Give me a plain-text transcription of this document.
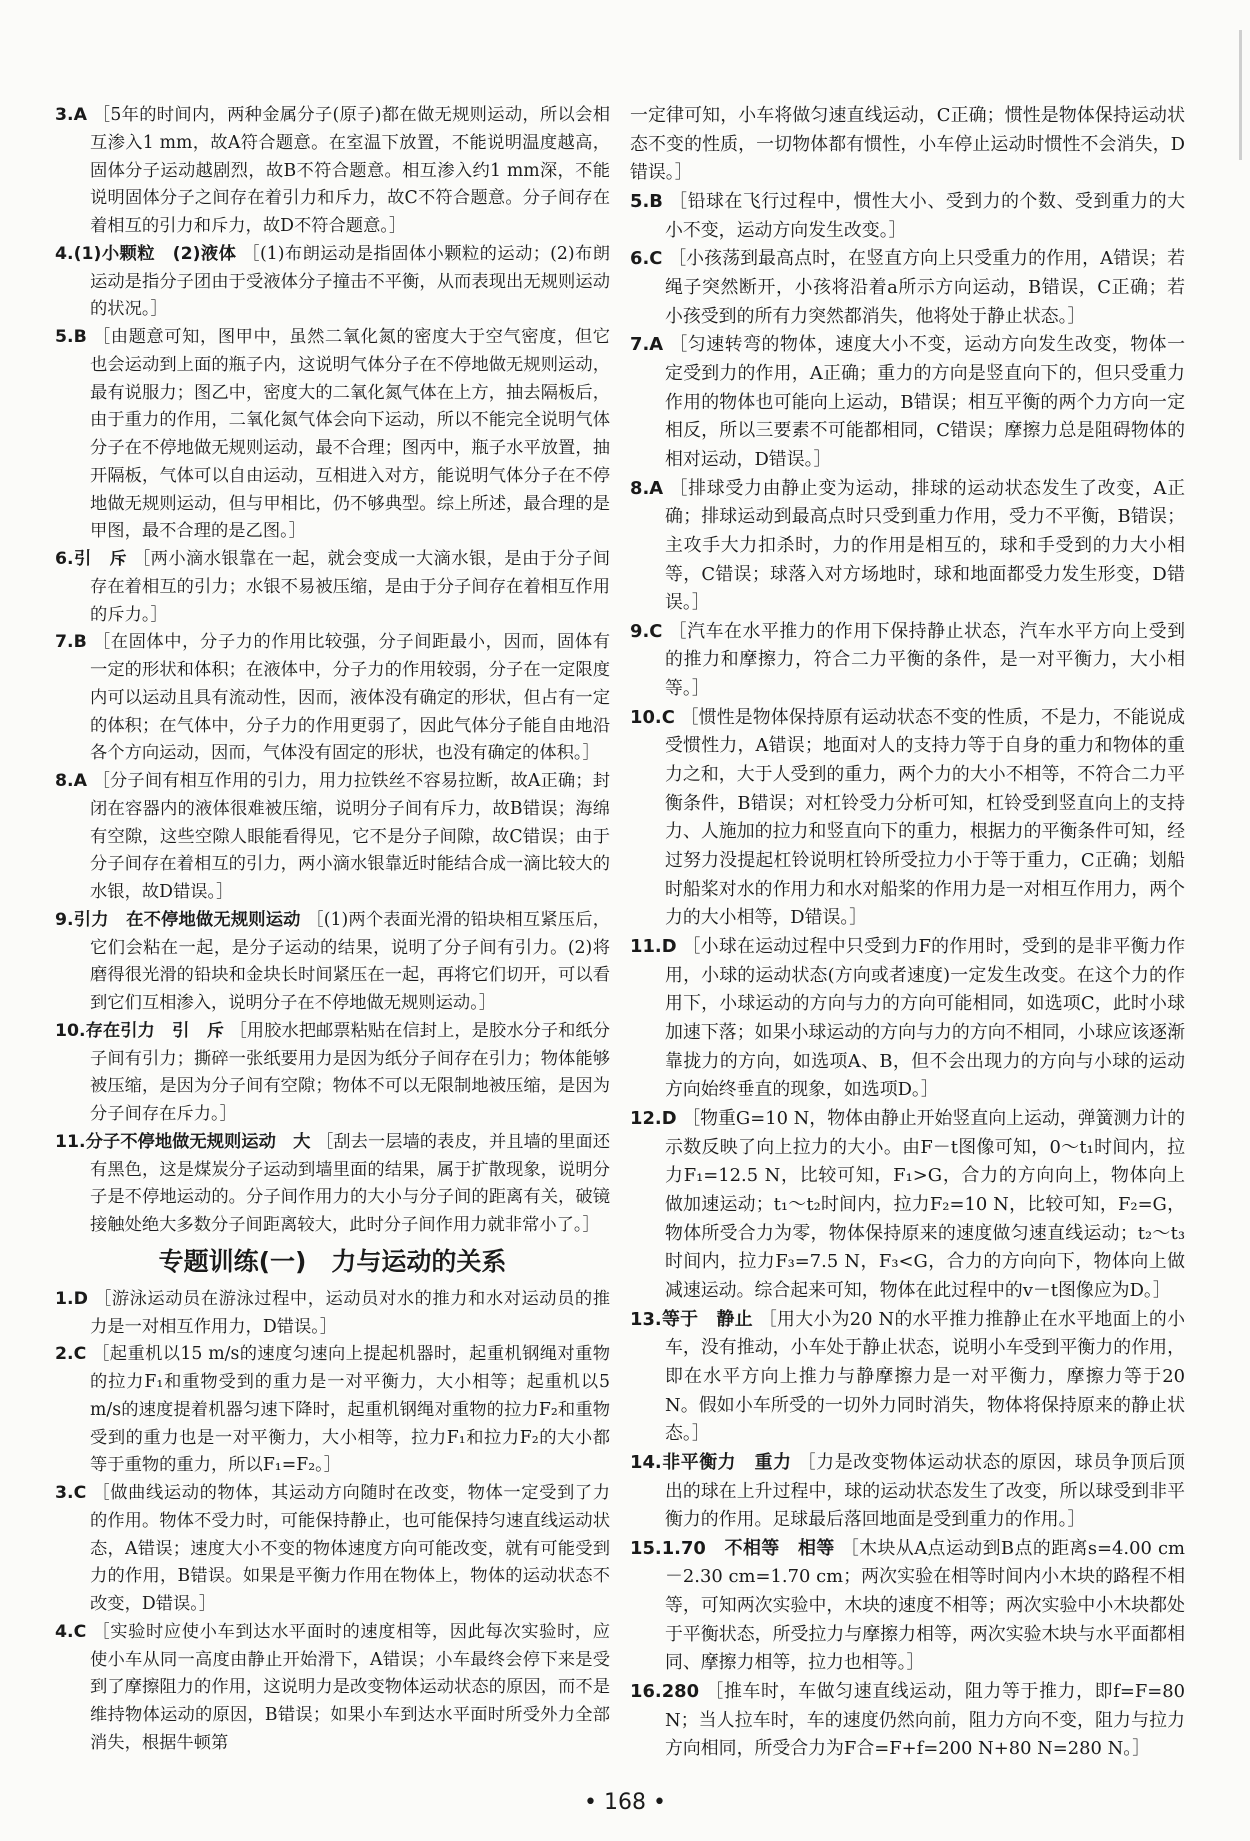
3.A ［5年的时间内，两种金属分子(原子)都在做无规则运动，所以会相互渗入1 mm，故A符合题意。在室温下放置，不能说明温度越高，固体分子运动越剧烈，故B不符合题意。相互渗入约1 mm深，不能说明固体分子之间存在着引力和斥力，故C不符合题意。分子间存在着相互的引力和斥力，故D不符合题意。］

4.(1)小颗粒　(2)液体 ［(1)布朗运动是指固体小颗粒的运动；(2)布朗运动是指分子团由于受液体分子撞击不平衡，从而表现出无规则运动的状况。］

5.B ［由题意可知，图甲中，虽然二氧化氮的密度大于空气密度，但它也会运动到上面的瓶子内，这说明气体分子在不停地做无规则运动，最有说服力；图乙中，密度大的二氧化氮气体在上方，抽去隔板后，由于重力的作用，二氧化氮气体会向下运动，所以不能完全说明气体分子在不停地做无规则运动，最不合理；图丙中，瓶子水平放置，抽开隔板，气体可以自由运动，互相进入对方，能说明气体分子在不停地做无规则运动，但与甲相比，仍不够典型。综上所述，最合理的是甲图，最不合理的是乙图。］

6.引　斥 ［两小滴水银靠在一起，就会变成一大滴水银，是由于分子间存在着相互的引力；水银不易被压缩，是由于分子间存在着相互作用的斥力。］

7.B ［在固体中，分子力的作用比较强，分子间距最小，因而，固体有一定的形状和体积；在液体中，分子力的作用较弱，分子在一定限度内可以运动且具有流动性，因而，液体没有确定的形状，但占有一定的体积；在气体中，分子力的作用更弱了，因此气体分子能自由地沿各个方向运动，因而，气体没有固定的形状，也没有确定的体积。］

8.A ［分子间有相互作用的引力，用力拉铁丝不容易拉断，故A正确；封闭在容器内的液体很难被压缩，说明分子间有斥力，故B错误；海绵有空隙，这些空隙人眼能看得见，它不是分子间隙，故C错误；由于分子间存在着相互的引力，两小滴水银靠近时能结合成一滴比较大的水银，故D错误。］

9.引力　在不停地做无规则运动 ［(1)两个表面光滑的铅块相互紧压后，它们会粘在一起，是分子运动的结果，说明了分子间有引力。(2)将磨得很光滑的铅块和金块长时间紧压在一起，再将它们切开，可以看到它们互相渗入，说明分子在不停地做无规则运动。］

10.存在引力　引　斥 ［用胶水把邮票粘贴在信封上，是胶水分子和纸分子间有引力；撕碎一张纸要用力是因为纸分子间存在引力；物体能够被压缩，是因为分子间有空隙；物体不可以无限制地被压缩，是因为分子间存在斥力。］

11.分子不停地做无规则运动　大 ［刮去一层墙的表皮，并且墙的里面还有黑色，这是煤炭分子运动到墙里面的结果，属于扩散现象，说明分子是不停地运动的。分子间作用力的大小与分子间的距离有关，破镜接触处绝大多数分子间距离较大，此时分子间作用力就非常小了。］

专题训练(一)　力与运动的关系

1.D ［游泳运动员在游泳过程中，运动员对水的推力和水对运动员的推力是一对相互作用力，D错误。］

2.C ［起重机以15 m/s的速度匀速向上提起机器时，起重机钢绳对重物的拉力F₁和重物受到的重力是一对平衡力，大小相等；起重机以5 m/s的速度提着机器匀速下降时，起重机钢绳对重物的拉力F₂和重物受到的重力也是一对平衡力，大小相等，拉力F₁和拉力F₂的大小都等于重物的重力，所以F₁=F₂。］

3.C ［做曲线运动的物体，其运动方向随时在改变，物体一定受到了力的作用。物体不受力时，可能保持静止，也可能保持匀速直线运动状态，A错误；速度大小不变的物体速度方向可能改变，就有可能受到力的作用，B错误。如果是平衡力作用在物体上，物体的运动状态不改变，D错误。］

4.C ［实验时应使小车到达水平面时的速度相等，因此每次实验时，应使小车从同一高度由静止开始滑下，A错误；小车最终会停下来是受到了摩擦阻力的作用，这说明力是改变物体运动状态的原因，而不是维持物体运动的原因，B错误；如果小车到达水平面时所受外力全部消失，根据牛顿第

一定律可知，小车将做匀速直线运动，C正确；惯性是物体保持运动状态不变的性质，一切物体都有惯性，小车停止运动时惯性不会消失，D错误。］

5.B ［铅球在飞行过程中，惯性大小、受到力的个数、受到重力的大小不变，运动方向发生改变。］

6.C ［小孩荡到最高点时，在竖直方向上只受重力的作用，A错误；若绳子突然断开，小孩将沿着a所示方向运动，B错误，C正确；若小孩受到的所有力突然都消失，他将处于静止状态。］

7.A ［匀速转弯的物体，速度大小不变，运动方向发生改变，物体一定受到力的作用，A正确；重力的方向是竖直向下的，但只受重力作用的物体也可能向上运动，B错误；相互平衡的两个力方向一定相反，所以三要素不可能都相同，C错误；摩擦力总是阻碍物体的相对运动，D错误。］

8.A ［排球受力由静止变为运动，排球的运动状态发生了改变，A正确；排球运动到最高点时只受到重力作用，受力不平衡，B错误；主攻手大力扣杀时，力的作用是相互的，球和手受到的力大小相等，C错误；球落入对方场地时，球和地面都受力发生形变，D错误。］

9.C ［汽车在水平推力的作用下保持静止状态，汽车水平方向上受到的推力和摩擦力，符合二力平衡的条件，是一对平衡力，大小相等。］

10.C ［惯性是物体保持原有运动状态不变的性质，不是力，不能说成受惯性力，A错误；地面对人的支持力等于自身的重力和物体的重力之和，大于人受到的重力，两个力的大小不相等，不符合二力平衡条件，B错误；对杠铃受力分析可知，杠铃受到竖直向上的支持力、人施加的拉力和竖直向下的重力，根据力的平衡条件可知，经过努力没提起杠铃说明杠铃所受拉力小于等于重力，C正确；划船时船桨对水的作用力和水对船桨的作用力是一对相互作用力，两个力的大小相等，D错误。］

11.D ［小球在运动过程中只受到力F的作用时，受到的是非平衡力作用，小球的运动状态(方向或者速度)一定发生改变。在这个力的作用下，小球运动的方向与力的方向可能相同，如选项C，此时小球加速下落；如果小球运动的方向与力的方向不相同，小球应该逐渐靠拢力的方向，如选项A、B，但不会出现力的方向与小球的运动方向始终垂直的现象，如选项D。］

12.D ［物重G=10 N，物体由静止开始竖直向上运动，弹簧测力计的示数反映了向上拉力的大小。由F－t图像可知，0～t₁时间内，拉力F₁=12.5 N，比较可知，F₁>G，合力的方向向上，物体向上做加速运动；t₁～t₂时间内，拉力F₂=10 N，比较可知，F₂=G，物体所受合力为零，物体保持原来的速度做匀速直线运动；t₂～t₃时间内，拉力F₃=7.5 N，F₃<G，合力的方向向下，物体向上做减速运动。综合起来可知，物体在此过程中的v－t图像应为D。］

13.等于　静止 ［用大小为20 N的水平推力推静止在水平地面上的小车，没有推动，小车处于静止状态，说明小车受到平衡力的作用，即在水平方向上推力与静摩擦力是一对平衡力，摩擦力等于20 N。假如小车所受的一切外力同时消失，物体将保持原来的静止状态。］

14.非平衡力　重力 ［力是改变物体运动状态的原因，球员争顶后顶出的球在上升过程中，球的运动状态发生了改变，所以球受到非平衡力的作用。足球最后落回地面是受到重力的作用。］

15.1.70　不相等　相等 ［木块从A点运动到B点的距离s=4.00 cm－2.30 cm=1.70 cm；两次实验在相等时间内小木块的路程不相等，可知两次实验中，木块的速度不相等；两次实验中小木块都处于平衡状态，所受拉力与摩擦力相等，两次实验木块与水平面都相同、摩擦力相等，拉力也相等。］

16.280 ［推车时，车做匀速直线运动，阻力等于推力，即f=F=80 N；当人拉车时，车的速度仍然向前，阻力方向不变，阻力与拉力方向相同，所受合力为F合=F+f=200 N+80 N=280 N。］

• 168 •
